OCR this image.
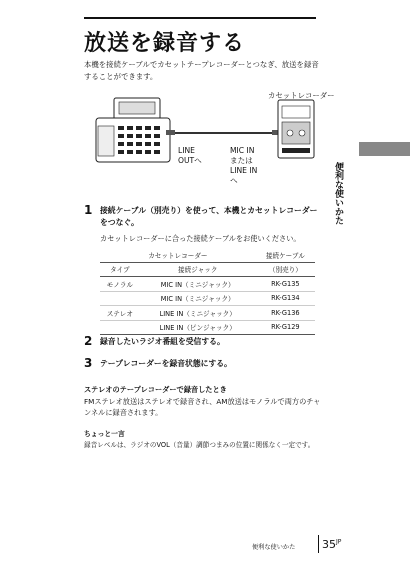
放送を録音する
本機を接続ケーブルでカセットテープレコーダーとつなぎ、放送を録音することができます。
カセットレコーダー
LINE
OUTへ
MIC IN
または
LINE IN
へ	便利な使いかた
1 接続ケーブル（別売り）を使って、本機とカセットレコーダーをつなぐ。
カセットレコーダーに合った接続ケーブルをお使いください。
カセットレコーダー		接続ケーブル
タイプ	接続ジャック	（別売り）
モノラル	MIC IN（ミニジャック）	RK-G135
	MIC IN（ミニジャック）	RK-G134
ステレオ	LINE IN（ミニジャック）	RK-G136
	LINE IN（ピンジャック）	RK-G129
2 録音したいラジオ番組を受信する。
3 テープレコーダーを録音状態にする。
ステレオのテープレコーダーで録音したとき
FMステレオ放送はステレオで録音され、AM放送はモノラルで両方のチャンネルに録音されます。
ちょっと一言
録音レベルは、ラジオのVOL（音量）調節つまみの位置に関係なく一定です。
便利な使いかた $35^{JP}$
